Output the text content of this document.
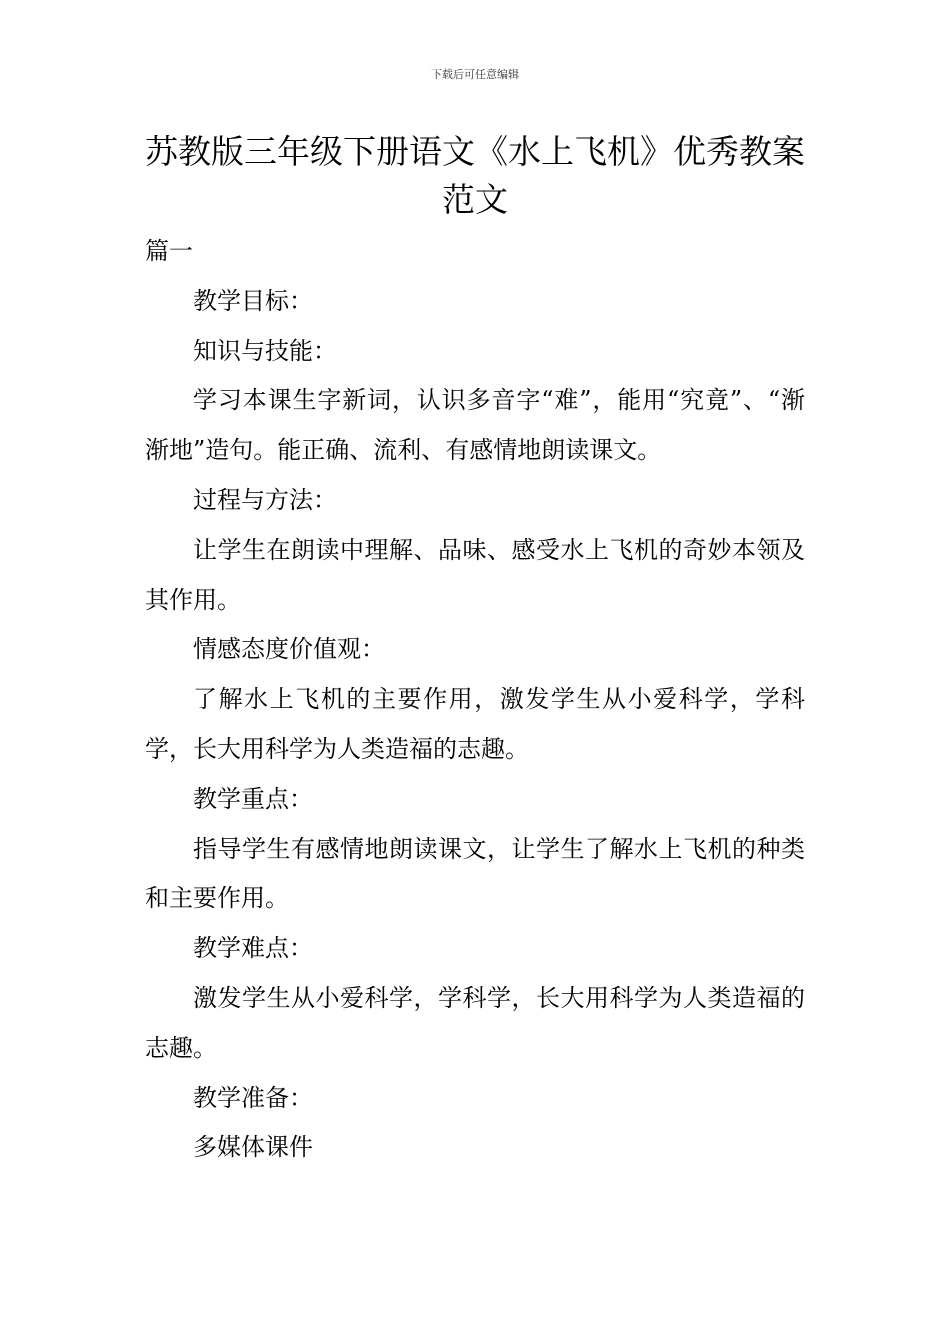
下载后可任意编辑
苏教版三年级下册语文《水上飞机》优秀教案范文

篇一

教学目标：

知识与技能：

学习本课生字新词，认识多音字“难”，能用“究竟”、“渐渐地”造句。能正确、流利、有感情地朗读课文。

过程与方法：

让学生在朗读中理解、品味、感受水上飞机的奇妙本领及其作用。

情感态度价值观：

了解水上飞机的主要作用，激发学生从小爱科学，学科学，长大用科学为人类造福的志趣。

教学重点：

指导学生有感情地朗读课文，让学生了解水上飞机的种类和主要作用。

教学难点：

激发学生从小爱科学，学科学，长大用科学为人类造福的志趣。

教学准备：

多媒体课件
